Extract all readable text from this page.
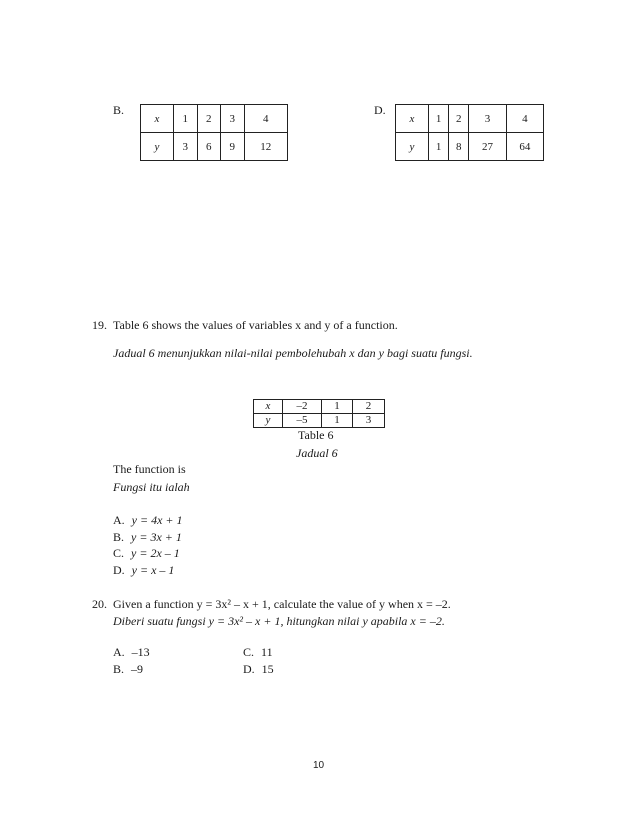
B.
x	1	2	3	4
y	3	6	9	12
D.
x	1	2	3	4
y	1	8	27	64
19. Table 6 shows the values of variables x and y of a function.
Jadual 6 menunjukkan nilai-nilai pembolehubah x dan y bagi suatu fungsi.
x	–2	1	2
y	–5	1	3
Table 6
Jadual 6
The function is
Fungsi itu ialah
A. y = 4x + 1
B. y = 3x + 1
C. y = 2x – 1
D. y = x – 1
20. Given a function y = 3x² – x + 1, calculate the value of y when x = –2.
Diberi suatu fungsi y = 3x² – x + 1, hitungkan nilai y apabila x = –2.
A. –13
B. –9
C. 11
D. 15
10
